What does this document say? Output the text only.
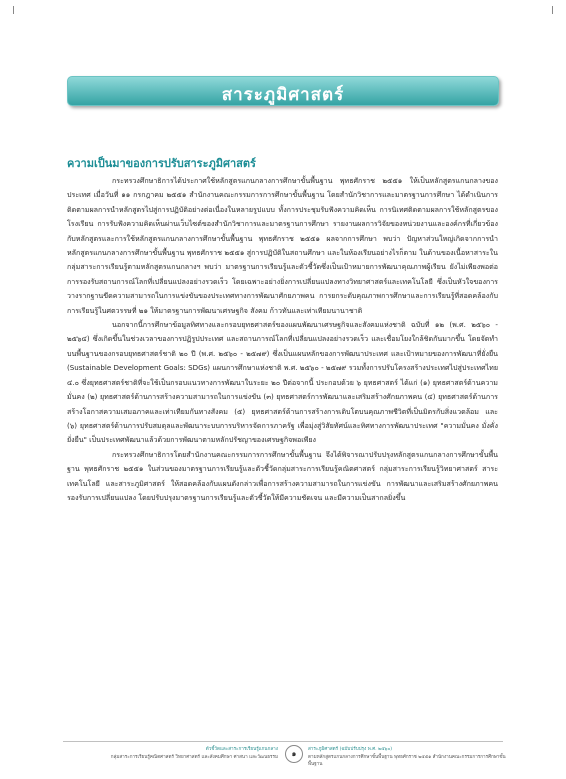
สาระภูมิศาสตร์
ความเป็นมาของการปรับสาระภูมิศาสตร์

กระทรวงศึกษาธิการได้ประกาศใช้หลักสูตรแกนกลางการศึกษาขั้นพื้นฐาน พุทธศักราช ๒๕๕๑ ให้เป็นหลักสูตรแกนกลางของประเทศ เมื่อวันที่ ๑๑ กรกฎาคม ๒๕๕๑ สำนักงานคณะกรรมการการศึกษาขั้นพื้นฐาน โดยสำนักวิชาการและมาตรฐานการศึกษา ได้ดำเนินการติดตามผลการนำหลักสูตรไปสู่การปฏิบัติอย่างต่อเนื่องในหลายรูปแบบ ทั้งการประชุมรับฟังความคิดเห็น การนิเทศติดตามผลการใช้หลักสูตรของโรงเรียน การรับฟังความคิดเห็นผ่านเว็บไซต์ของสำนักวิชาการและมาตรฐานการศึกษา รายงานผลการวิจัยของหน่วยงานและองค์กรที่เกี่ยวข้องกับหลักสูตรและการใช้หลักสูตรแกนกลางการศึกษาขั้นพื้นฐาน พุทธศักราช ๒๕๕๑ ผลจากการศึกษา พบว่า ปัญหาส่วนใหญ่เกิดจากการนำหลักสูตรแกนกลางการศึกษาขั้นพื้นฐาน พุทธศักราช ๒๕๕๑ สู่การปฏิบัติในสถานศึกษา และในห้องเรียนอย่างไรก็ตาม ในด้านของเนื้อหาสาระในกลุ่มสาระการเรียนรู้ตามหลักสูตรแกนกลางฯ พบว่า มาตรฐานการเรียนรู้และตัวชี้วัดซึ่งเป็นเป้าหมายการพัฒนาคุณภาพผู้เรียน ยังไม่เพียงพอต่อการรองรับสถานการณ์โลกที่เปลี่ยนแปลงอย่างรวดเร็ว โดยเฉพาะอย่างยิ่งการเปลี่ยนแปลงทางวิทยาศาสตร์และเทคโนโลยี ซึ่งเป็นหัวใจของการวางรากฐานขีดความสามารถในการแข่งขันของประเทศทางการพัฒนาศักยภาพคน การยกระดับคุณภาพการศึกษาและการเรียนรู้ที่สอดคล้องกับการเรียนรู้ในศตวรรษที่ ๒๑ ให้มาตรฐานการพัฒนาเศรษฐกิจ สังคม ก้าวทันและเท่าเทียมนานาชาติ

นอกจากนี้การศึกษาข้อมูลทิศทางและกรอบยุทธศาสตร์ของแผนพัฒนาเศรษฐกิจและสังคมแห่งชาติ ฉบับที่ ๑๒ (พ.ศ. ๒๕๖๐ - ๒๕๖๔) ซึ่งเกิดขึ้นในช่วงเวลาของการปฏิรูปประเทศ และสถานการณ์โลกที่เปลี่ยนแปลงอย่างรวดเร็ว และเชื่อมโยงใกล้ชิดกันมากขึ้น โดยจัดทำบนพื้นฐานของกรอบยุทธศาสตร์ชาติ ๒๐ ปี (พ.ศ. ๒๕๖๐ - ๒๕๗๙) ซึ่งเป็นแผนหลักของการพัฒนาประเทศ และเป้าหมายของการพัฒนาที่ยั่งยืน (Sustainable Development Goals: SDGs) แผนการศึกษาแห่งชาติ พ.ศ. ๒๕๖๐ - ๒๕๗๙ รวมทั้งการปรับโครงสร้างประเทศไปสู่ประเทศไทย ๔.๐ ซึ่งยุทธศาสตร์ชาติที่จะใช้เป็นกรอบแนวทางการพัฒนาในระยะ ๒๐ ปีต่อจากนี้ ประกอบด้วย ๖ ยุทธศาสตร์ ได้แก่ (๑) ยุทธศาสตร์ด้านความมั่นคง (๒) ยุทธศาสตร์ด้านการสร้างความสามารถในการแข่งขัน (๓) ยุทธศาสตร์การพัฒนาและเสริมสร้างศักยภาพคน (๔) ยุทธศาสตร์ด้านการสร้างโอกาสความเสมอภาคและเท่าเทียมกันทางสังคม (๕) ยุทธศาสตร์ด้านการสร้างการเติบโตบนคุณภาพชีวิตที่เป็นมิตรกับสิ่งแวดล้อม และ (๖) ยุทธศาสตร์ด้านการปรับสมดุลและพัฒนาระบบการบริหารจัดการภาครัฐ เพื่อมุ่งสู่วิสัยทัศน์และทิศทางการพัฒนาประเทศ "ความมั่นคง มั่งคั่ง ยั่งยืน" เป็นประเทศพัฒนาแล้วด้วยการพัฒนาตามหลักปรัชญาของเศรษฐกิจพอเพียง

กระทรวงศึกษาธิการโดยสำนักงานคณะกรรมการการศึกษาขั้นพื้นฐาน จึงได้พิจารณาปรับปรุงหลักสูตรแกนกลางการศึกษาขั้นพื้นฐาน พุทธศักราช ๒๕๕๑ ในส่วนของมาตรฐานการเรียนรู้และตัวชี้วัดกลุ่มสาระการเรียนรู้คณิตศาสตร์ กลุ่มสาระการเรียนรู้วิทยาศาสตร์ สาระเทคโนโลยี และสาระภูมิศาสตร์ ให้สอดคล้องกับแผนดังกล่าวเพื่อการสร้างความสามารถในการแข่งขัน การพัฒนาและเสริมสร้างศักยภาพคน รองรับการเปลี่ยนแปลง โดยปรับปรุงมาตรฐานการเรียนรู้และตัวชี้วัดให้มีความชัดเจน และมีความเป็นสากลยิ่งขึ้น

ตัวชี้วัดและสาระการเรียนรู้แกนกลาง
กลุ่มสาระการเรียนรู้คณิตศาสตร์ วิทยาศาสตร์ และสังคมศึกษา ศาสนา และวัฒนธรรม	๑
สาระภูมิศาสตร์ (ฉบับปรับปรุง พ.ศ. ๒๕๖๐)
ตามหลักสูตรแกนกลางการศึกษาขั้นพื้นฐาน พุทธศักราช ๒๕๕๑ สำนักงานคณะกรรมการการศึกษาขั้นพื้นฐาน
